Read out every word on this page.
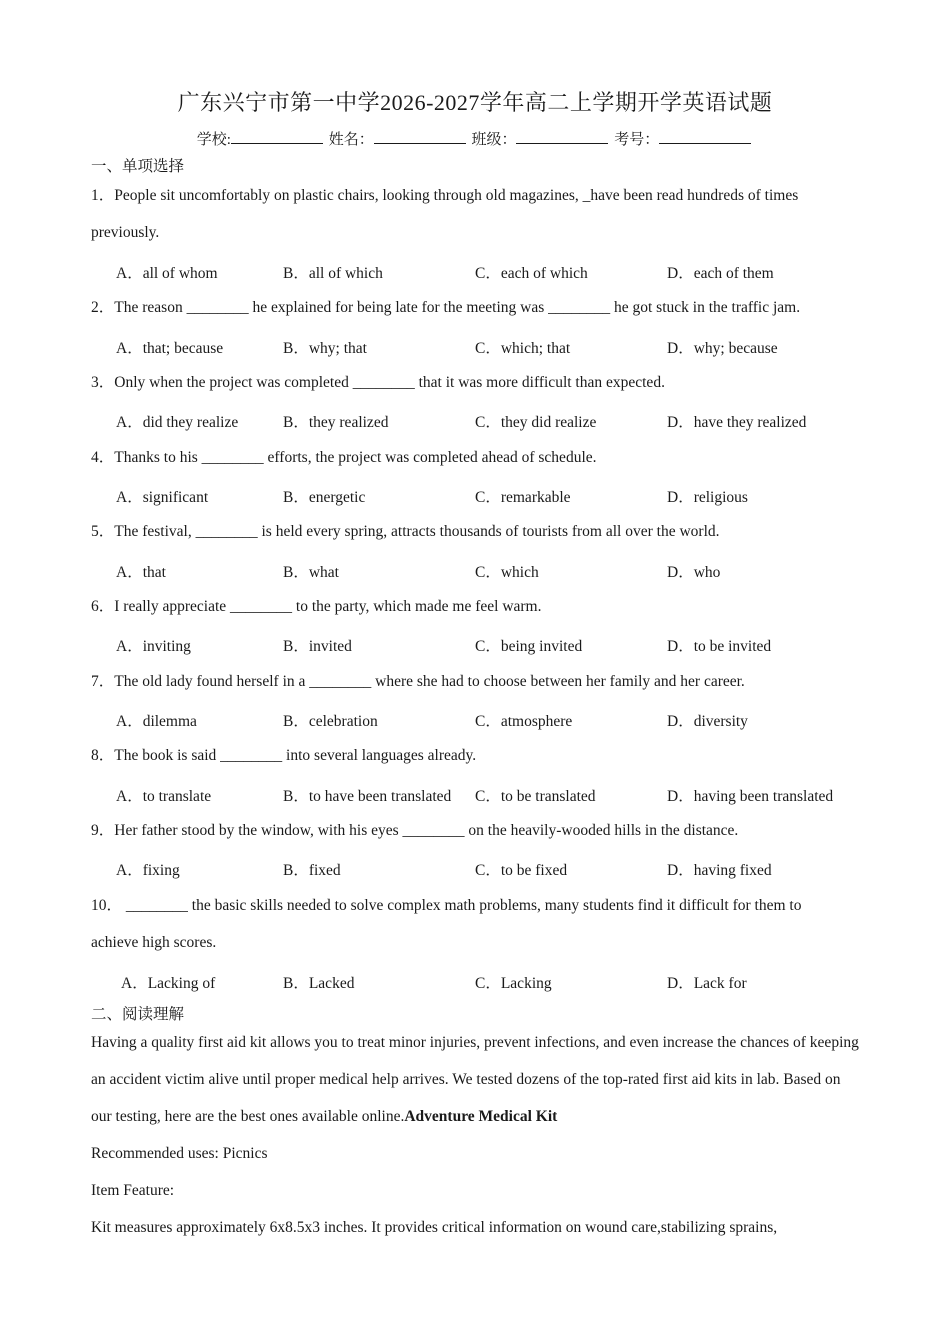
广东兴宁市第一中学2026-2027学年高二上学期开学英语试题
学校:	姓名：	班级：	考号：
一、单项选择
1．People sit uncomfortably on plastic chairs, looking through old magazines, _have been read hundreds of times
previously.
A．all of whom	B．all of which	C．each of which	D．each of them
2．The reason ________ he explained for being late for the meeting was ________ he got stuck in the traffic jam.
A．that; because	B．why; that	C．which; that	D．why; because
3．Only when the project was completed ________ that it was more difficult than expected.
A．did they realize	B．they realized	C．they did realize	D．have they realized
4．Thanks to his ________ efforts, the project was completed ahead of schedule.
A．significant	B．energetic	C．remarkable	D．religious
5．The festival, ________ is held every spring, attracts thousands of tourists from all over the world.
A．that	B．what	C．which	D．who
6．I really appreciate ________ to the party, which made me feel warm.
A．inviting	B．invited	C．being invited	D．to be invited
7．The old lady found herself in a ________ where she had to choose between her family and her career.
A．dilemma	B．celebration	C．atmosphere	D．diversity
8．The book is said ________ into several languages already.
A．to translate	B．to have been translated C．to be translated	D．having been translated
9．Her father stood by the window, with his eyes ________ on the heavily-wooded hills in the distance.
A．fixing	B．fixed	C．to be fixed	D．having fixed
10． ________ the basic skills needed to solve complex math problems, many students find it difficult for them to
achieve high scores.
A．Lacking of	B．Lacked	C．Lacking	D．Lack for
二、阅读理解
Having a quality first aid kit allows you to treat minor injuries, prevent infections, and even increase the chances of keeping an accident victim alive until proper medical help arrives. We tested dozens of the top-rated first aid kits in lab. Based on our testing, here are the best ones available online.Adventure Medical Kit
Recommended uses: Picnics
Item Feature:
Kit measures approximately 6x8.5x3 inches. It provides critical information on wound care,stabilizing sprains,
